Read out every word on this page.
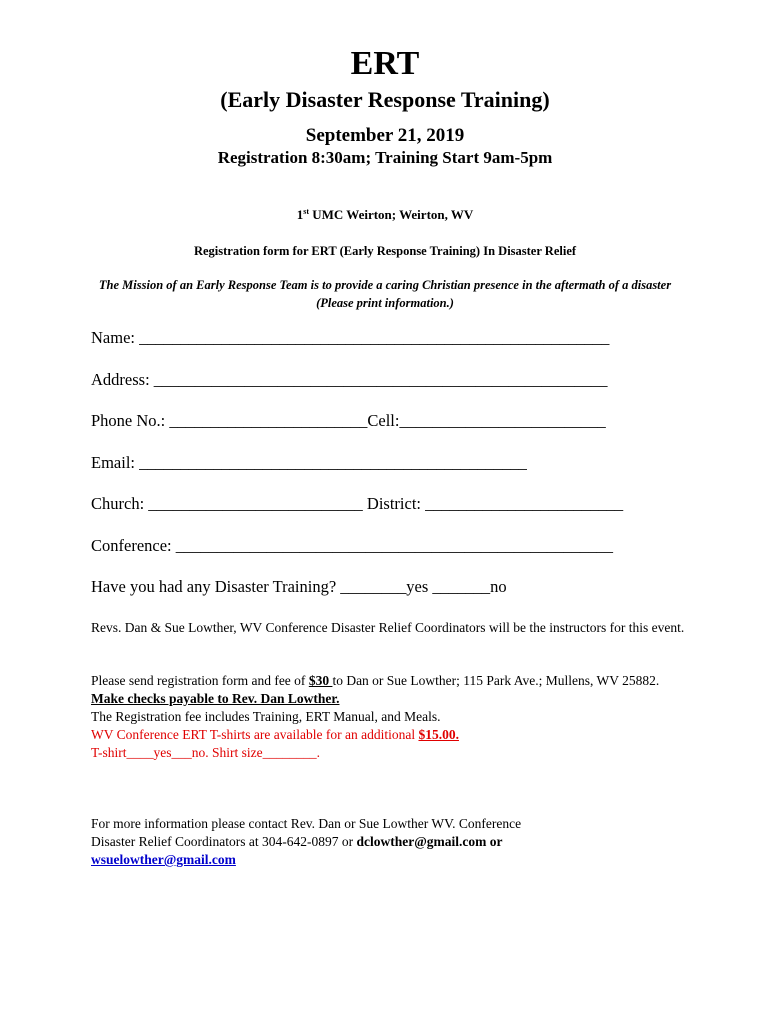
ERT
(Early Disaster Response Training)
September 21, 2019
Registration 8:30am; Training Start 9am-5pm
1st UMC Weirton; Weirton, WV
Registration form for ERT (Early Response Training) In Disaster Relief
The Mission of an Early Response Team is to provide a caring Christian presence in the aftermath of a disaster (Please print information.)
Name: _________________________________________________________
Address: _______________________________________________________
Phone No.: ________________________Cell:_________________________
Email: _______________________________________________
Church: __________________________ District: ________________________
Conference: _____________________________________________________
Have you had any Disaster Training? ________yes _______no
Revs. Dan & Sue Lowther, WV Conference Disaster Relief Coordinators will be the instructors for this event.
Please send registration form and fee of $30 to Dan or Sue Lowther; 115 Park Ave.; Mullens, WV 25882. Make checks payable to Rev. Dan Lowther.
The Registration fee includes Training, ERT Manual, and Meals.
WV Conference ERT T-shirts are available for an additional $15.00.
T-shirt____yes___no. Shirt size________.
For more information please contact Rev. Dan or Sue Lowther WV. Conference
Disaster Relief Coordinators at 304-642-0897 or dclowther@gmail.com or
wsuelowther@gmail.com
